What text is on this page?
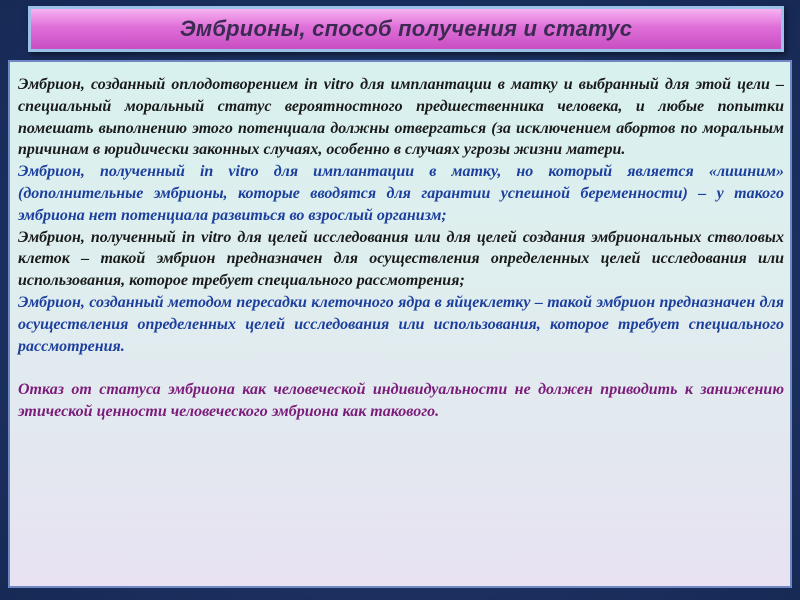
Эмбрионы, способ получения и статус

Эмбрион, созданный оплодотворением in vitro для имплантации в матку и выбранный для этой цели – специальный моральный статус вероятностного предшественника человека, и любые попытки помешать выполнению этого потенциала должны отвергаться (за исключением абортов по моральным причинам в юридически законных случаях, особенно в случаях угрозы жизни матери.

Эмбрион, полученный in vitro для имплантации в матку, но который является «лишним» (дополнительные эмбрионы, которые вводятся для гарантии успешной беременности) – у такого эмбриона нет потенциала развиться во взрослый организм;

Эмбрион, полученный in vitro для целей исследования или для целей создания эмбриональных стволовых клеток – такой эмбрион предназначен для осуществления определенных целей исследования или использования, которое требует специального рассмотрения;

Эмбрион, созданный методом пересадки клеточного ядра в яйцеклетку – такой эмбрион предназначен для осуществления определенных целей исследования или использования, которое требует специального рассмотрения.

Отказ от статуса эмбриона как человеческой индивидуальности не должен приводить к занижению этической ценности человеческого эмбриона как такового.
